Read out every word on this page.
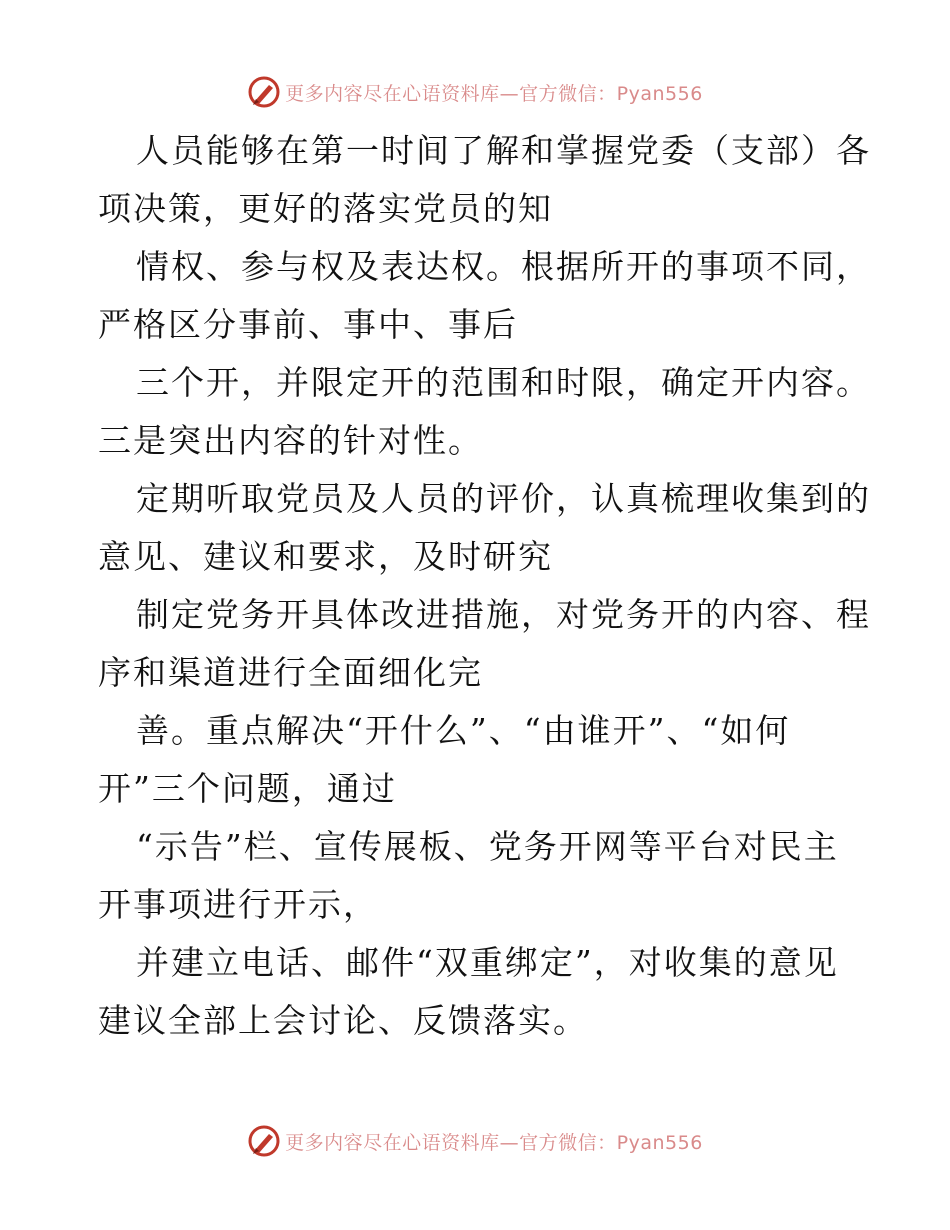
更多内容尽在心语资料库—官方微信：Pyan556

人员能够在第一时间了解和掌握党委（支部）各
项决策，更好的落实党员的知

情权、参与权及表达权。根据所开的事项不同，
严格区分事前、事中、事后

三个开，并限定开的范围和时限，确定开内容。
三是突出内容的针对性。

定期听取党员及人员的评价，认真梳理收集到的
意见、建议和要求，及时研究

制定党务开具体改进措施，对党务开的内容、程
序和渠道进行全面细化完

善。重点解决“开什么”、“由谁开”、“如何
开”三个问题，通过

“示告”栏、宣传展板、党务开网等平台对民主
开事项进行开示，

并建立电话、邮件“双重绑定”，对收集的意见
建议全部上会讨论、反馈落实。

更多内容尽在心语资料库—官方微信：Pyan556
